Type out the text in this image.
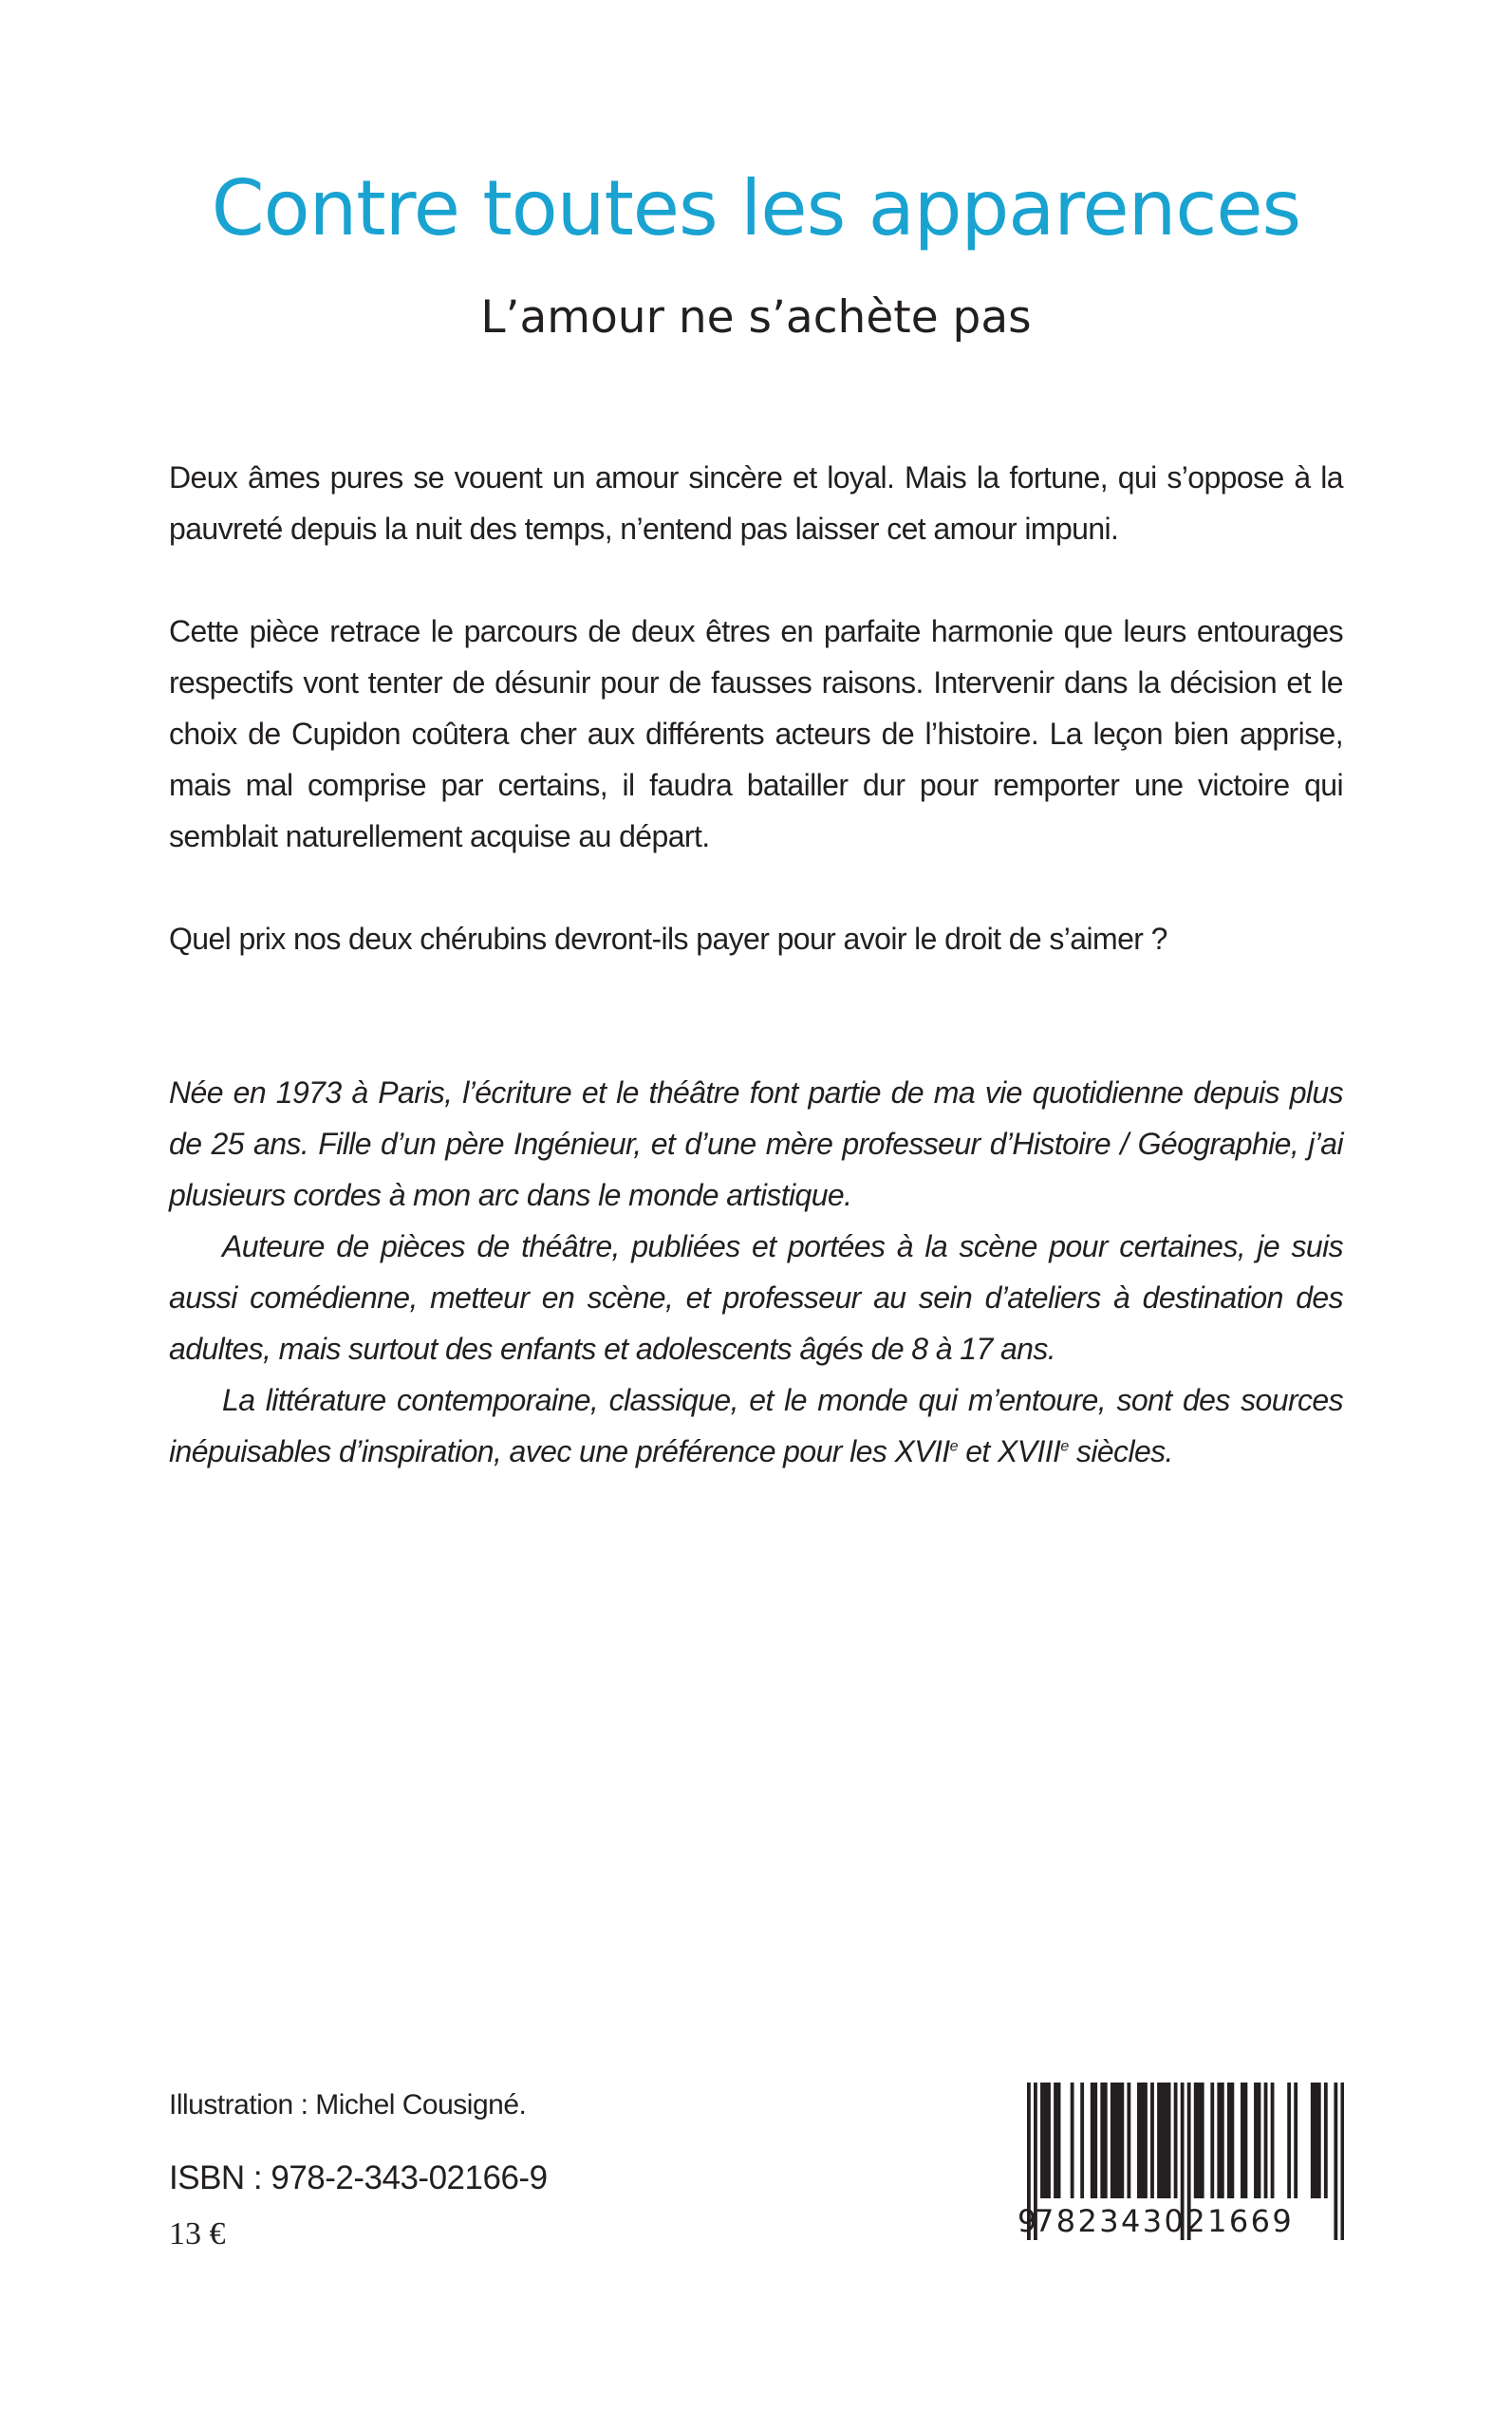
Contre toutes les apparences
L’amour ne s’achète pas

Deux âmes pures se vouent un amour sincère et loyal. Mais la fortune, qui s’oppose à la pauvreté depuis la nuit des temps, n’entend pas laisser cet amour impuni.

Cette pièce retrace le parcours de deux êtres en parfaite harmonie que leurs entourages respectifs vont tenter de désunir pour de fausses raisons. Intervenir dans la décision et le choix de Cupidon coûtera cher aux différents acteurs de l’histoire. La leçon bien apprise, mais mal comprise par certains, il faudra batailler dur pour remporter une victoire qui semblait naturellement acquise au départ.

Quel prix nos deux chérubins devront-ils payer pour avoir le droit de s’aimer ?

Née en 1973 à Paris, l’écriture et le théâtre font partie de ma vie quotidienne depuis plus de 25 ans. Fille d’un père Ingénieur, et d’une mère professeur d’Histoire / Géographie, j’ai plusieurs cordes à mon arc dans le monde artistique.

Auteure de pièces de théâtre, publiées et portées à la scène pour certaines, je suis aussi comédienne, metteur en scène, et professeur au sein d’ateliers à destination des adultes, mais surtout des enfants et adolescents âgés de 8 à 17 ans.

La littérature contemporaine, classique, et le monde qui m’entoure, sont des sources inépuisables d’inspiration, avec une préférence pour les XVIIe et XVIIIe siècles.

Illustration : Michel Cousigné.
ISBN : 978-2-343-02166-9
13 €	9782343021669
